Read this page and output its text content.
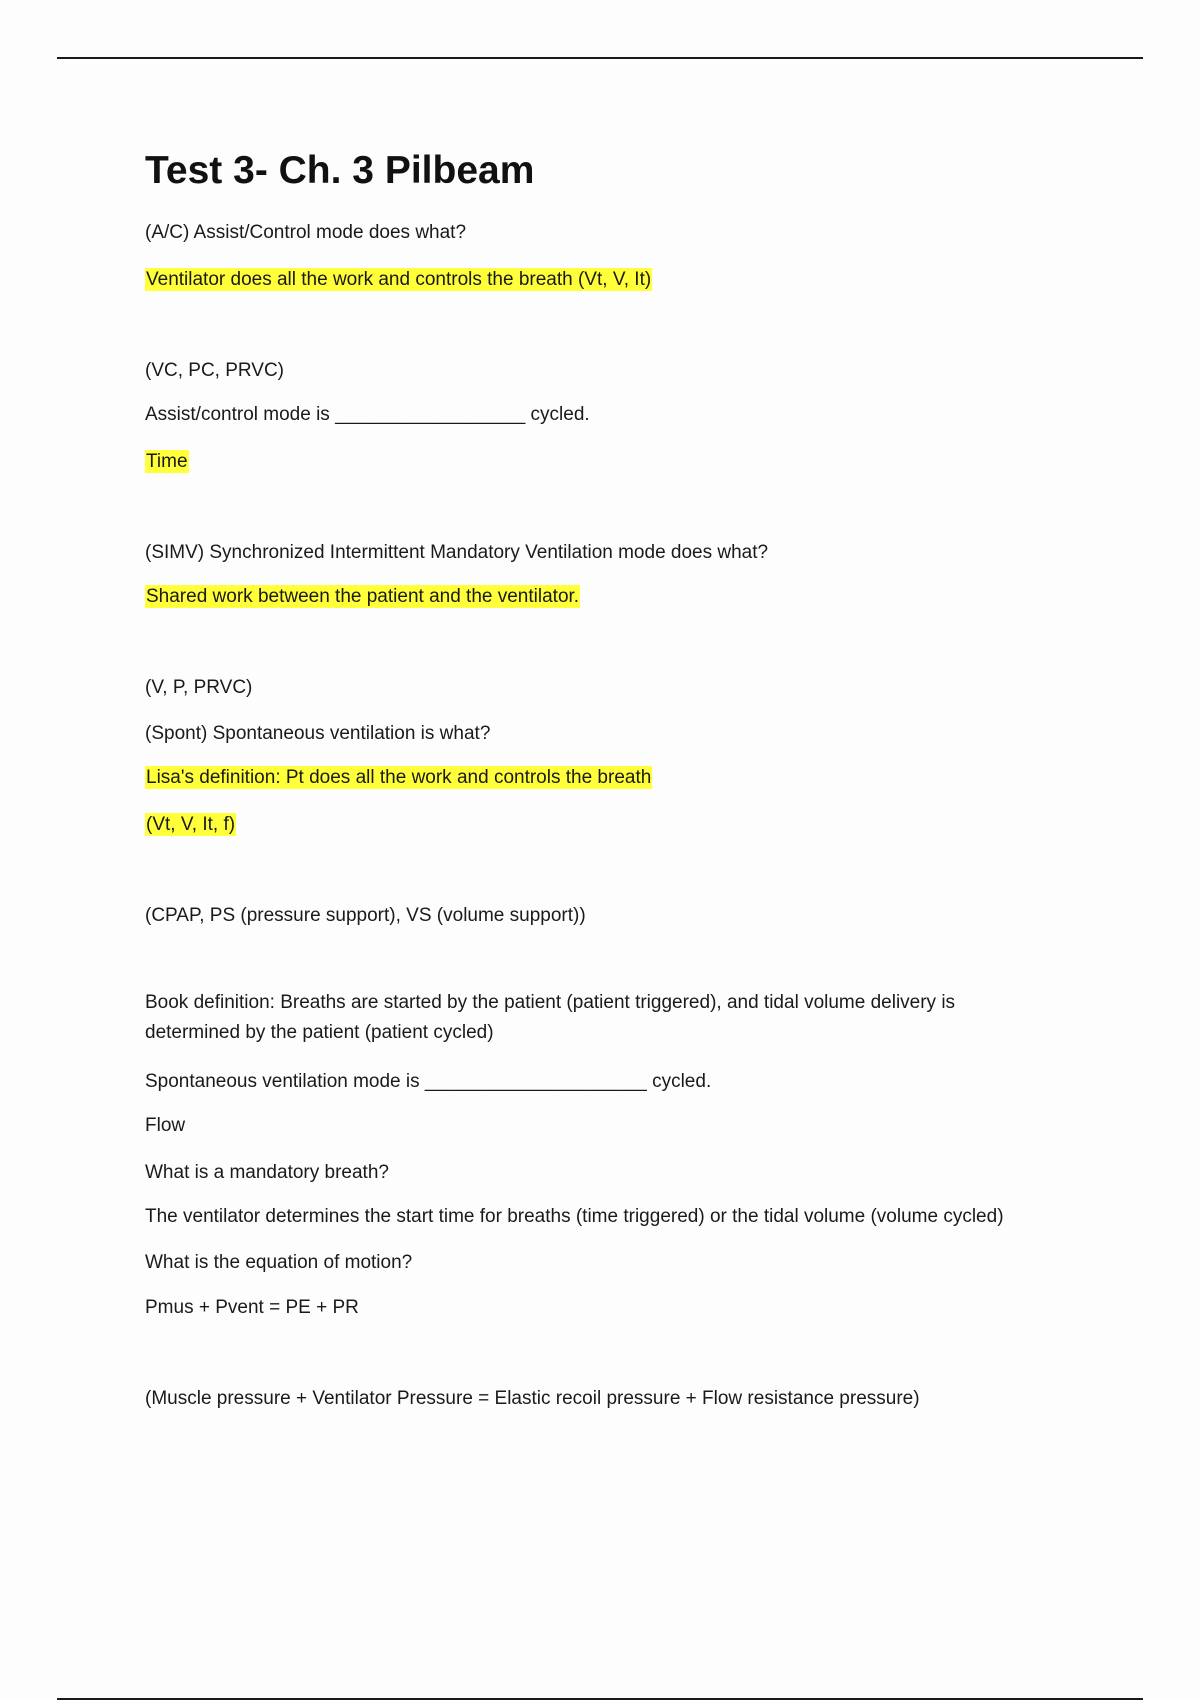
Test 3- Ch. 3 Pilbeam

(A/C) Assist/Control mode does what?

Ventilator does all the work and controls the breath (Vt, V, It)

(VC, PC, PRVC)

Assist/control mode is __________________ cycled.

Time

(SIMV) Synchronized Intermittent Mandatory Ventilation mode does what?

Shared work between the patient and the ventilator.

(V, P, PRVC)

(Spont) Spontaneous ventilation is what?

Lisa's definition: Pt does all the work and controls the breath

(Vt, V, It, f)

(CPAP, PS (pressure support), VS (volume support))

Book definition: Breaths are started by the patient (patient triggered), and tidal volume delivery is determined by the patient (patient cycled)

Spontaneous ventilation mode is _____________________ cycled.

Flow

What is a mandatory breath?

The ventilator determines the start time for breaths (time triggered) or the tidal volume (volume cycled)

What is the equation of motion?

Pmus + Pvent = PE + PR

(Muscle pressure + Ventilator Pressure = Elastic recoil pressure + Flow resistance pressure)
